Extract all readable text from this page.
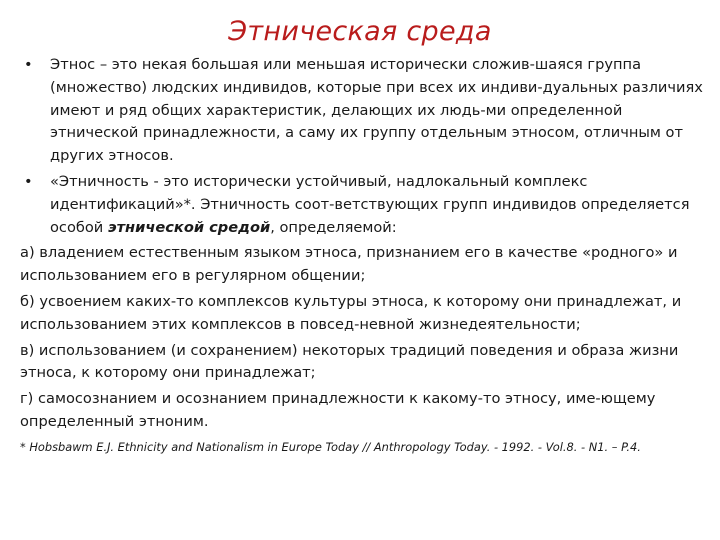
Этническая среда
• Этнос – это некая большая или меньшая исторически сложив-шаяся группа (множество) людских индивидов, которые при всех их индиви-дуальных различиях имеют и ряд общих характеристик, делающих их людь-ми определенной этнической принадлежности, а саму их группу отдельным этносом, отличным от других этносов.
• «Этничность - это исторически устойчивый, надлокальный комплекс идентификаций»*. Этничность соот-ветствующих групп индивидов определяется особой этнической средой, определяемой:

а) владением естественным языком этноса, признанием его в качестве «родного» и использованием его в регулярном общении;

б) усвоением каких-то комплексов культуры этноса, к которому они принадлежат, и использованием этих комплексов в повсед-невной жизнедеятельности;

в) использованием (и сохранением) некоторых традиций поведения и образа жизни этноса, к которому они принадлежат;

г) самосознанием и осознанием принадлежности к какому-то этносу, име-ющему определенный этноним.

* Hobsbawm E.J. Ethnicity and Nationalism in Europe Today // Anthropology Today. - 1992. - Vol.8. - N1. – P.4.
